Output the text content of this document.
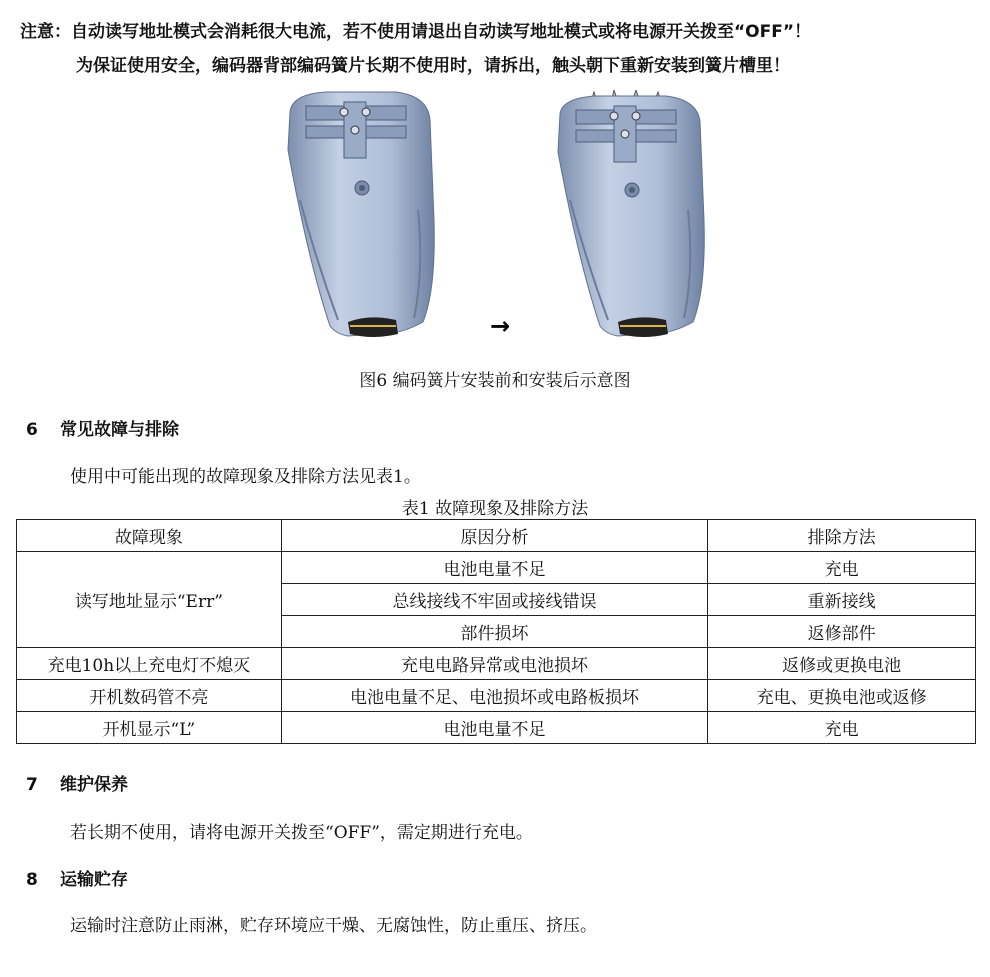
注意：自动读写地址模式会消耗很大电流，若不使用请退出自动读写地址模式或将电源开关拨至“OFF”！
为保证使用安全，编码器背部编码簧片长期不使用时，请拆出，触头朝下重新安装到簧片槽里！
→
图6 编码簧片安装前和安装后示意图
6 常见故障与排除
使用中可能出现的故障现象及排除方法见表1。
表1 故障现象及排除方法
故障现象	原因分析	排除方法
读写地址显示“Err”	电池电量不足	充电
	总线接线不牢固或接线错误	重新接线
	部件损坏	返修部件
充电10h以上充电灯不熄灭	充电电路异常或电池损坏	返修或更换电池
开机数码管不亮	电池电量不足、电池损坏或电路板损坏	充电、更换电池或返修
开机显示“L”	电池电量不足	充电
7 维护保养
若长期不使用，请将电源开关拨至“OFF”，需定期进行充电。
8 运输贮存
运输时注意防止雨淋，贮存环境应干燥、无腐蚀性，防止重压、挤压。
